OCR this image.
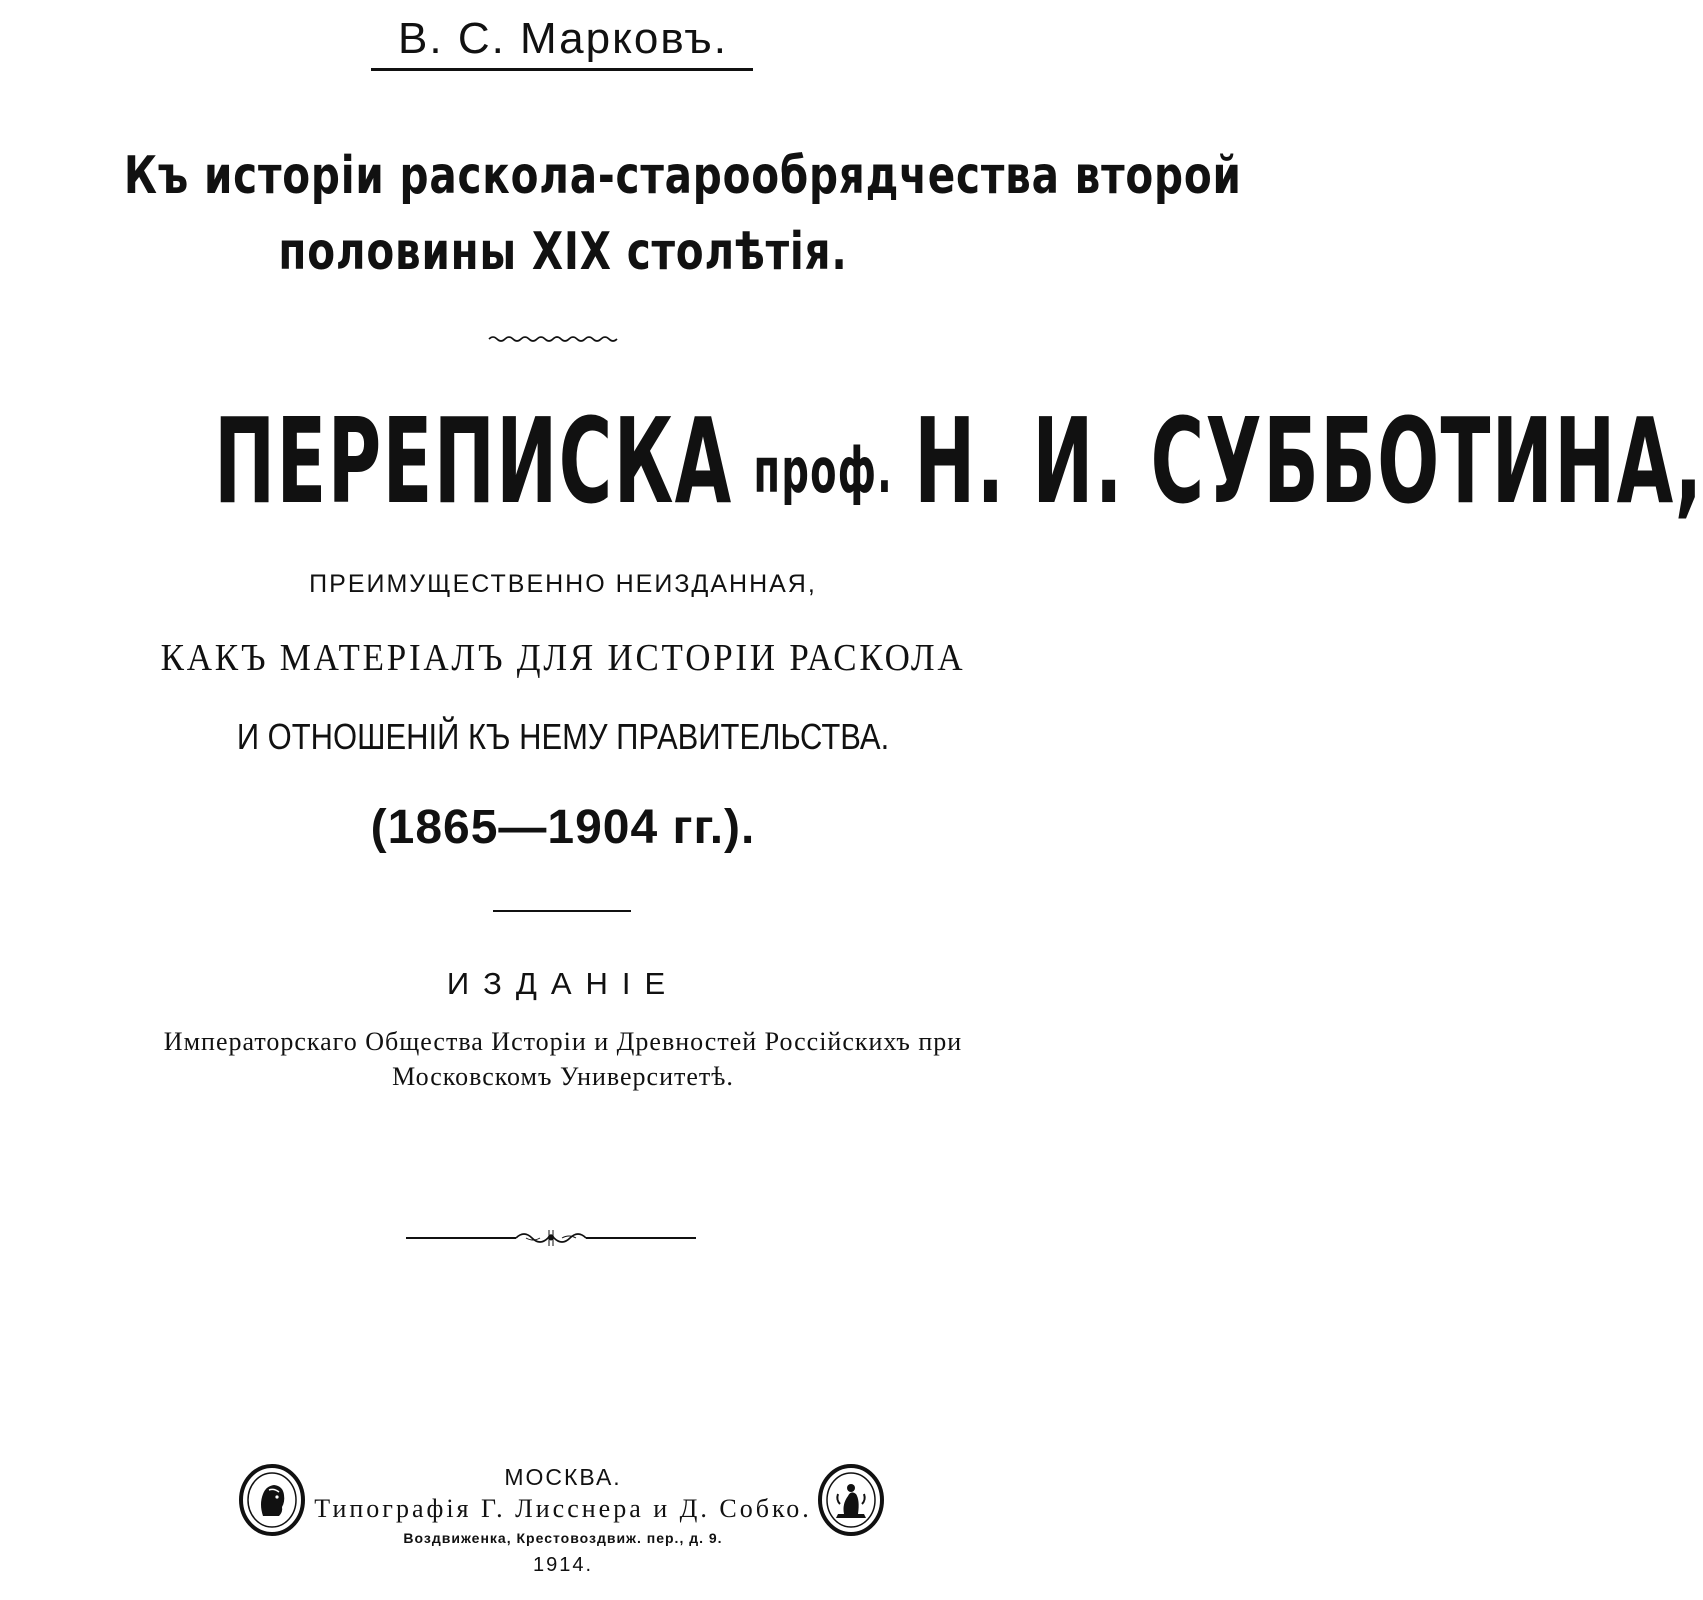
В. С. Марковъ.
Къ исторіи раскола-старообрядчества второй
половины XIX столѣтія.
ПЕРЕПИСКА проф. Н. И. СУББОТИНА,
ПРЕИМУЩЕСТВЕННО НЕИЗДАННАЯ,
КАКЪ МАТЕРІАЛЪ ДЛЯ ИСТОРІИ РАСКОЛА
И ОТНОШЕНІЙ КЪ НЕМУ ПРАВИТЕЛЬСТВА.
(1865—1904 гг.).
ИЗДАНІЕ
Императорскаго Общества Исторіи и Древностей Россійскихъ при
Московскомъ Университетѣ.
МОСКВА.
Типографія Г. Лисснера и Д. Собко.
Воздвиженка, Крестовоздвиж. пер., д. 9.
1914.
